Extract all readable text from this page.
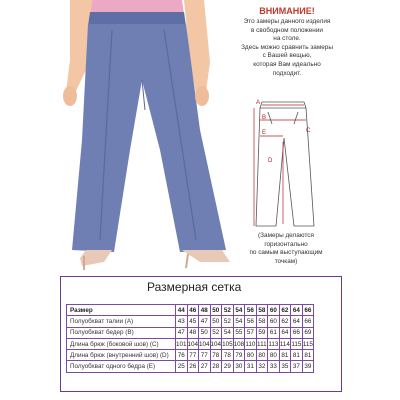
ВНИМАНИЕ!
Это замеры данного изделия
в свободном положении
на столе.
Здесь можно сравнить замеры
с Вашей вещью,
которая Вам идеально
подходит.
A
B
C
D
E
(Замеры делаются
горизонтально
по самым выступающим
точкам)
Размерная сетка
Размер	44	46	48	50	52	54	56	58	60	62	64	66
Полуобхват талии (A)	43	45	47	50	52	54	56	58	60	62	64	66
Полуобхват бедер (B)	47	48	50	52	54	55	57	59	61	64	66	69
Длина брюк (боковой шов) (C)	101	104	104	104	105	108	110	111	113	114	115	115
Длина брюк (внутренний шов) (D)	76	77	77	78	78	79	80	80	80	81	81	81
Полуобхват одного бедра (E)	25	26	27	28	29	30	31	32	33	35	37	39
